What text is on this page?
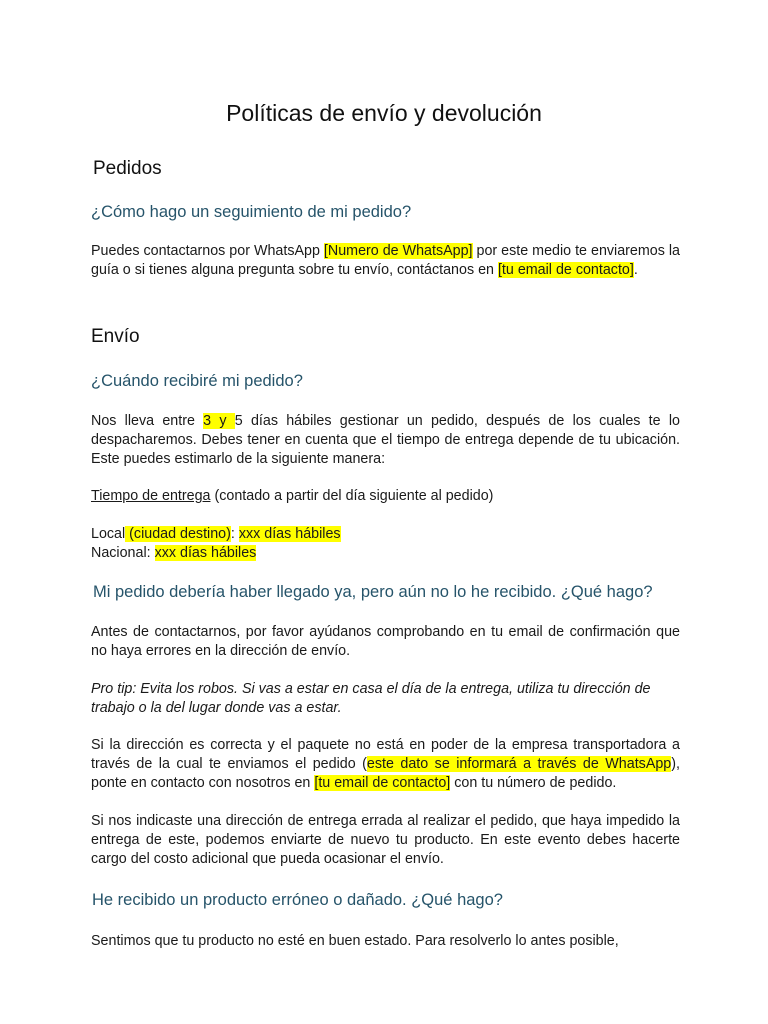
Políticas de envío y devolución
Pedidos
¿Cómo hago un seguimiento de mi pedido?

Puedes contactarnos por WhatsApp [Numero de WhatsApp] por este medio te enviaremos la guía o si tienes alguna pregunta sobre tu envío, contáctanos en [tu email de contacto].

Envío
¿Cuándo recibiré mi pedido?

Nos lleva entre 3 y 5 días hábiles gestionar un pedido, después de los cuales te lo despacharemos. Debes tener en cuenta que el tiempo de entrega depende de tu ubicación. Este puedes estimarlo de la siguiente manera:

Tiempo de entrega (contado a partir del día siguiente al pedido)

Local (ciudad destino): xxx días hábiles
Nacional: xxx días hábiles

Mi pedido debería haber llegado ya, pero aún no lo he recibido. ¿Qué hago?

Antes de contactarnos, por favor ayúdanos comprobando en tu email de confirmación que no haya errores en la dirección de envío.

Pro tip: Evita los robos. Si vas a estar en casa el día de la entrega, utiliza tu dirección de trabajo o la del lugar donde vas a estar.

Si la dirección es correcta y el paquete no está en poder de la empresa transportadora a través de la cual te enviamos el pedido (este dato se informará a través de WhatsApp), ponte en contacto con nosotros en [tu email de contacto] con tu número de pedido.

Si nos indicaste una dirección de entrega errada al realizar el pedido, que haya impedido la entrega de este, podemos enviarte de nuevo tu producto. En este evento debes hacerte cargo del costo adicional que pueda ocasionar el envío.

He recibido un producto erróneo o dañado. ¿Qué hago?

Sentimos que tu producto no esté en buen estado. Para resolverlo lo antes posible,
